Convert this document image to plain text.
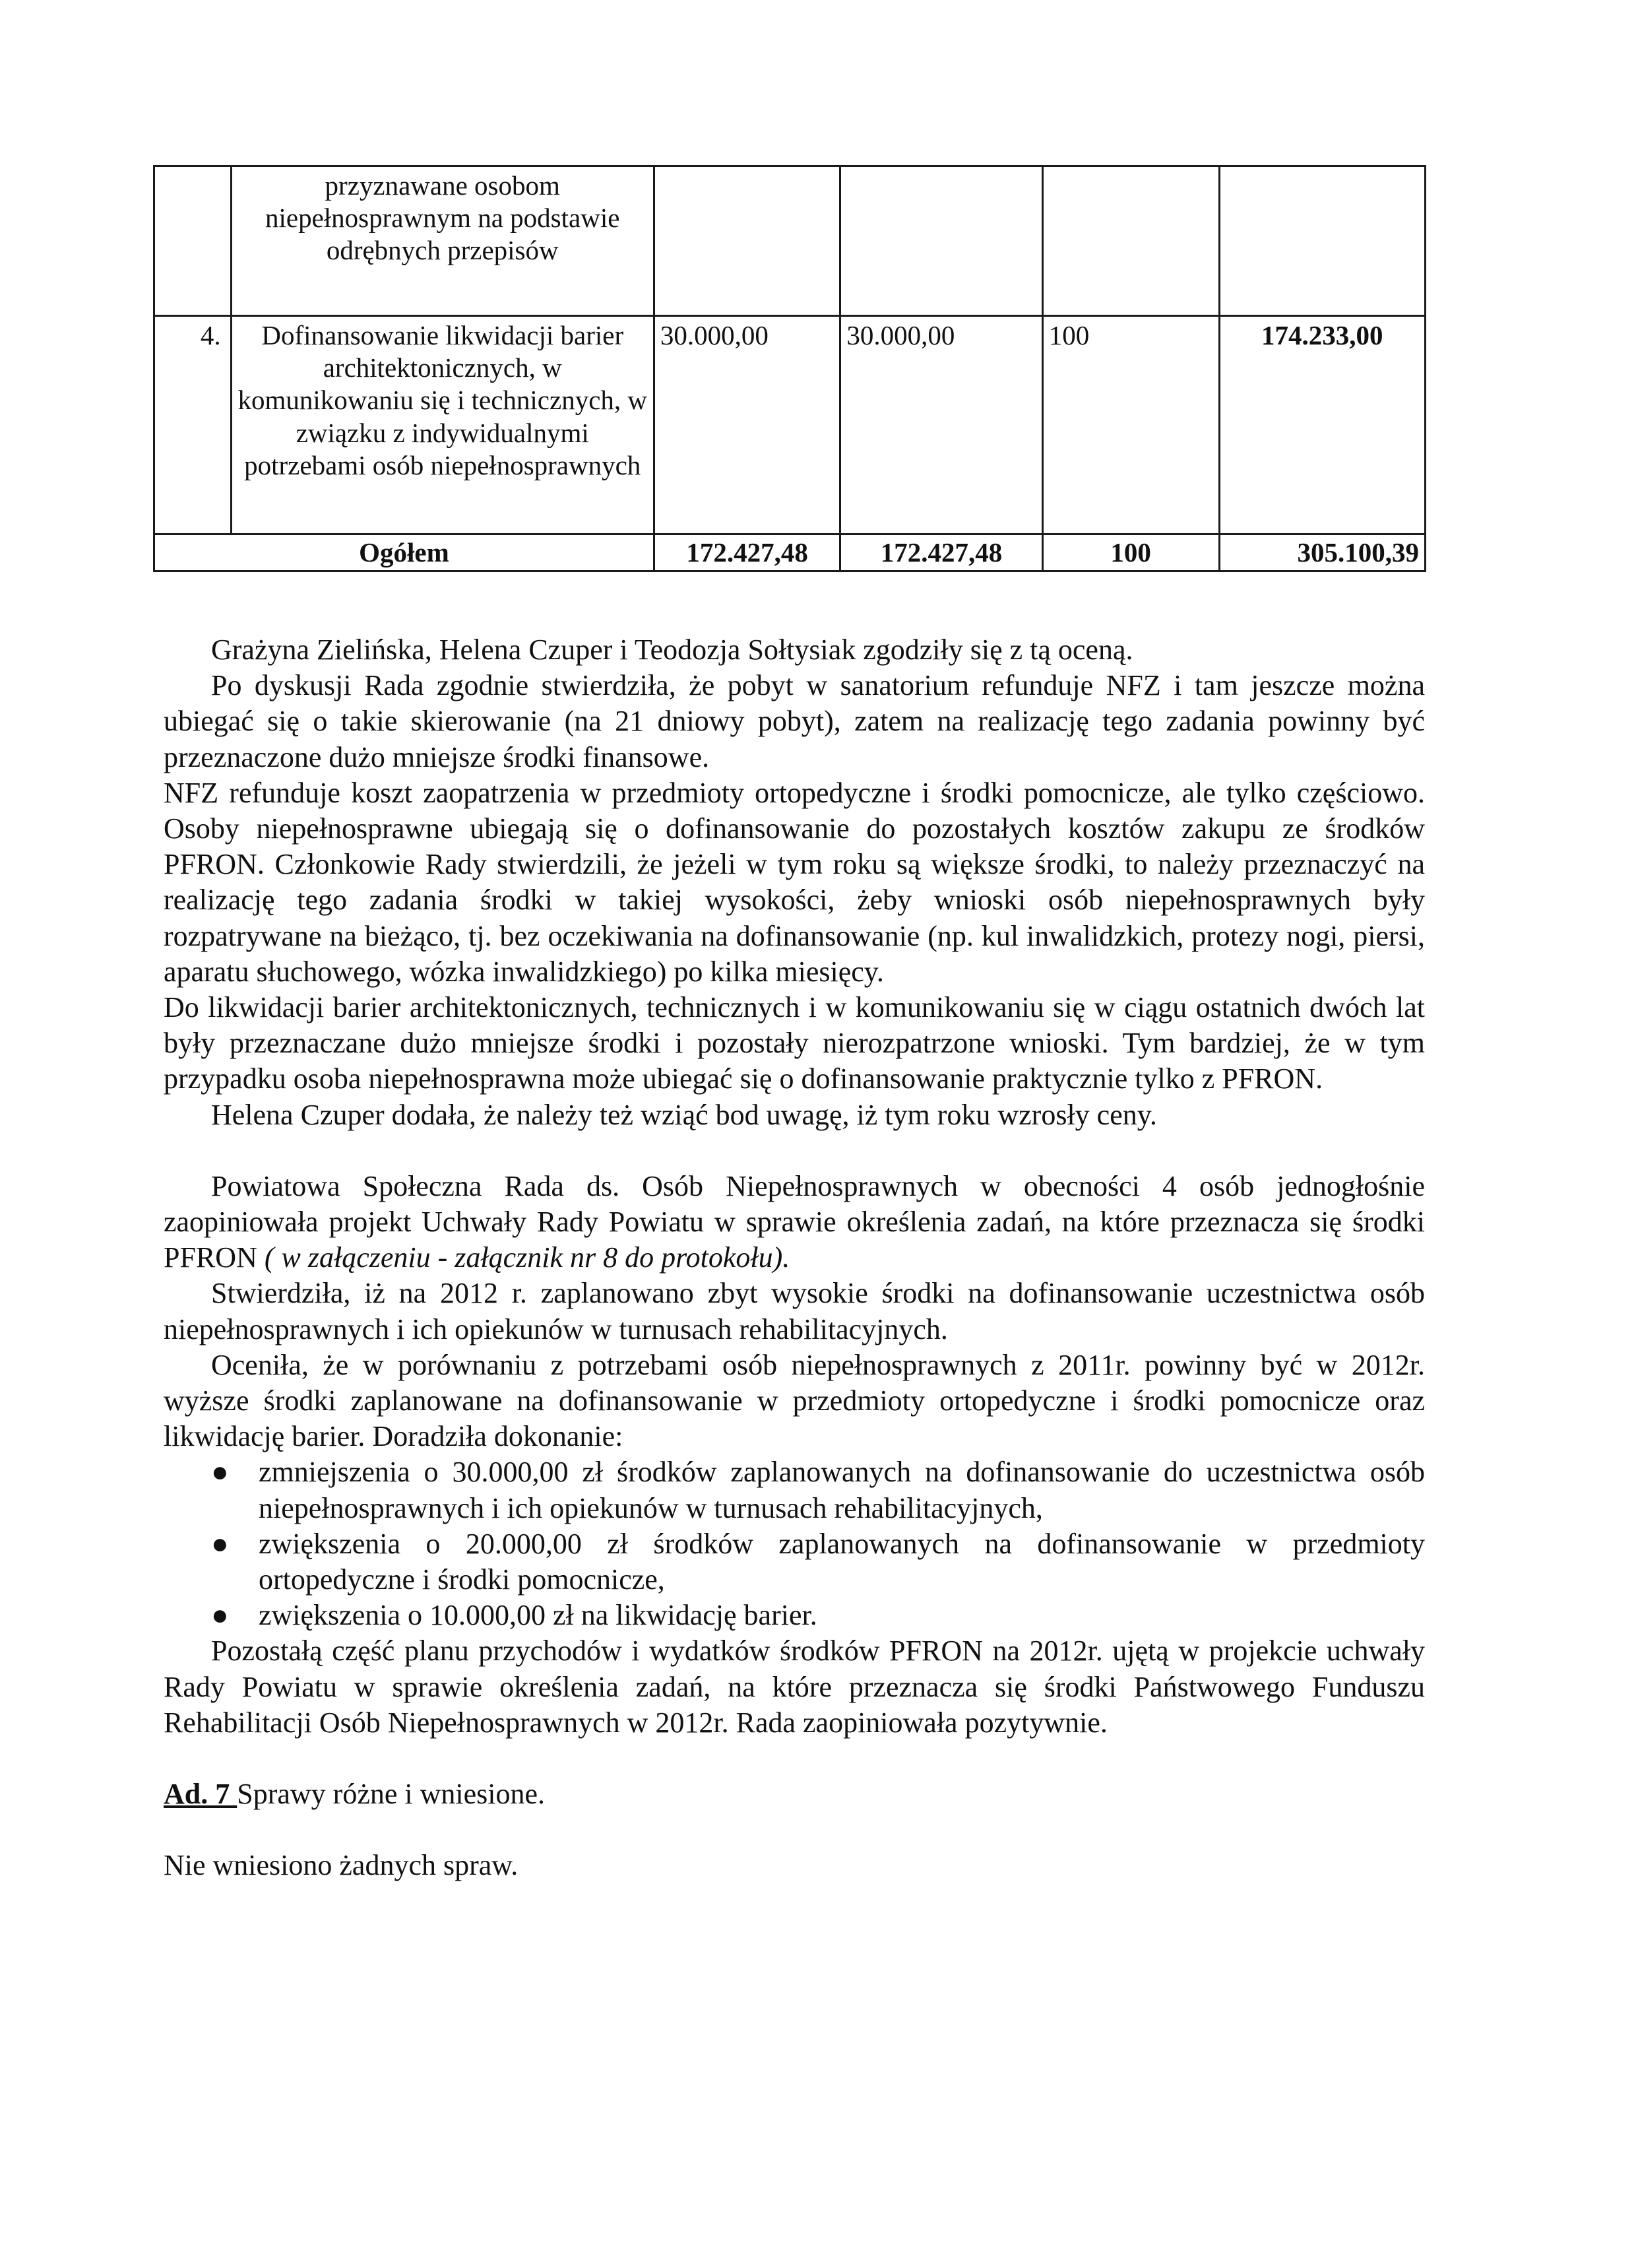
	przyznawane osobom niepełnosprawnym na podstawie odrębnych przepisów				
4.	Dofinansowanie likwidacji barier architektonicznych, w komunikowaniu się i technicznych, w związku z indywidualnymi potrzebami osób niepełnosprawnych	30.000,00	30.000,00	100	174.233,00
Ogółem		172.427,48	172.427,48	100	305.100,39

Grażyna Zielińska, Helena Czuper i Teodozja Sołtysiak zgodziły się z tą oceną.

Po dyskusji Rada zgodnie stwierdziła, że pobyt w sanatorium refunduje NFZ i tam jeszcze można ubiegać się o takie skierowanie (na 21 dniowy pobyt), zatem na realizację tego zadania powinny być przeznaczone dużo mniejsze środki finansowe.

NFZ refunduje koszt zaopatrzenia w przedmioty ortopedyczne i środki pomocnicze, ale tylko częściowo. Osoby niepełnosprawne ubiegają się o dofinansowanie do pozostałych kosztów zakupu ze środków PFRON. Członkowie Rady stwierdzili, że jeżeli w tym roku są większe środki, to należy przeznaczyć na realizację tego zadania środki w takiej wysokości, żeby wnioski osób niepełnosprawnych były rozpatrywane na bieżąco, tj. bez oczekiwania na dofinansowanie (np. kul inwalidzkich, protezy nogi, piersi, aparatu słuchowego, wózka inwalidzkiego) po kilka miesięcy.

Do likwidacji barier architektonicznych, technicznych i w komunikowaniu się w ciągu ostatnich dwóch lat były przeznaczane dużo mniejsze środki i pozostały nierozpatrzone wnioski. Tym bardziej, że w tym przypadku osoba niepełnosprawna może ubiegać się o dofinansowanie praktycznie tylko z PFRON.

Helena Czuper dodała, że należy też wziąć bod uwagę, iż tym roku wzrosły ceny.

Powiatowa Społeczna Rada ds. Osób Niepełnosprawnych w obecności 4 osób jednogłośnie zaopiniowała projekt Uchwały Rady Powiatu w sprawie określenia zadań, na które przeznacza się środki PFRON ( w załączeniu - załącznik nr 8 do protokołu).

Stwierdziła, iż na 2012 r. zaplanowano zbyt wysokie środki na dofinansowanie uczestnictwa osób niepełnosprawnych i ich opiekunów w turnusach rehabilitacyjnych.

Oceniła, że w porównaniu z potrzebami osób niepełnosprawnych z 2011r. powinny być w 2012r. wyższe środki zaplanowane na dofinansowanie w przedmioty ortopedyczne i środki pomocnicze oraz likwidację barier. Doradziła dokonanie:

● zmniejszenia o 30.000,00 zł środków zaplanowanych na dofinansowanie do uczestnictwa osób niepełnosprawnych i ich opiekunów w turnusach rehabilitacyjnych,
● zwiększenia o 20.000,00 zł środków zaplanowanych na dofinansowanie w przedmioty ortopedyczne i środki pomocnicze,
● zwiększenia o 10.000,00 zł na likwidację barier.

Pozostałą część planu przychodów i wydatków środków PFRON na 2012r. ujętą w projekcie uchwały Rady Powiatu w sprawie określenia zadań, na które przeznacza się środki Państwowego Funduszu Rehabilitacji Osób Niepełnosprawnych w 2012r. Rada zaopiniowała pozytywnie.

Ad. 7 Sprawy różne i wniesione.

Nie wniesiono żadnych spraw.
